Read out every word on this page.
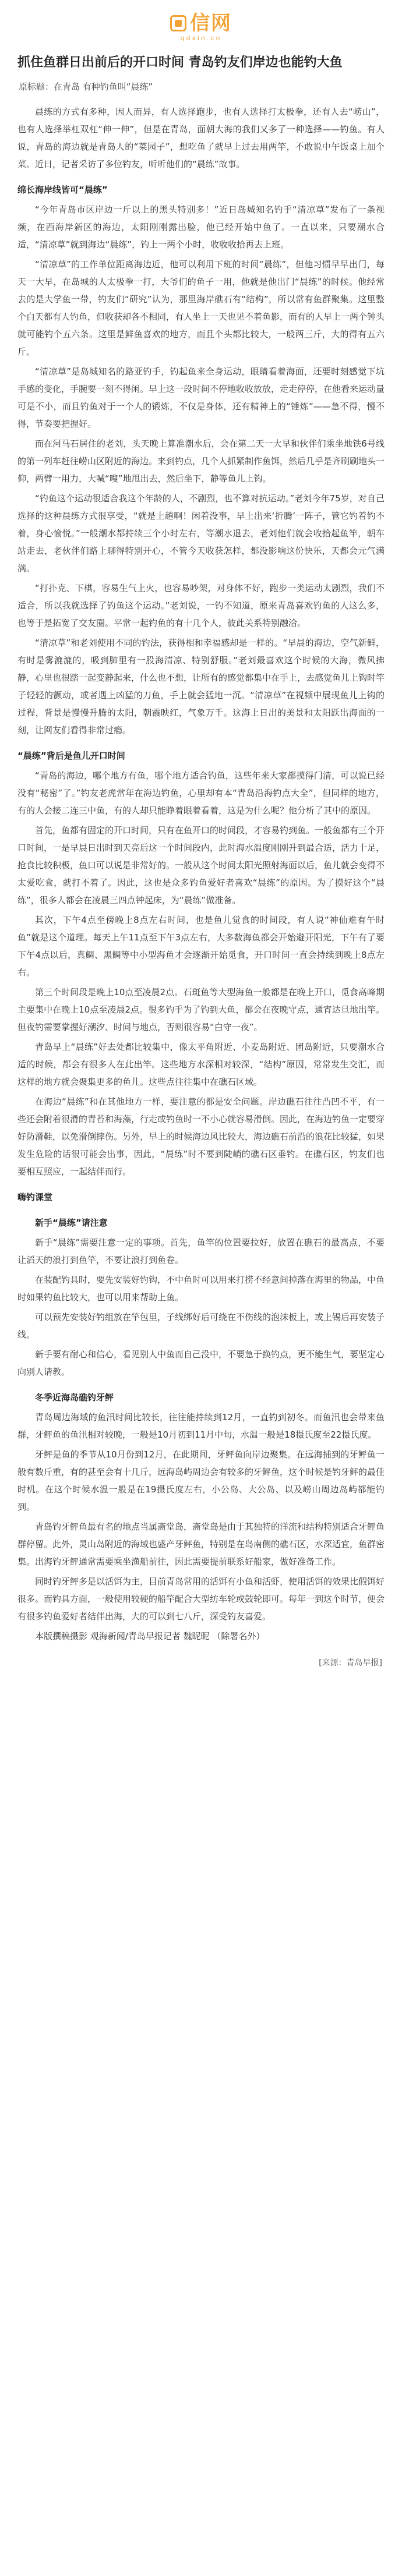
信网
qdxin.cn
抓住鱼群日出前后的开口时间 青岛钓友们岸边也能钓大鱼
原标题：在青岛 有种钓鱼叫“晨练”

晨练的方式有多种，因人而异，有人选择跑步，也有人选择打太极拳，还有人去“崂山”，也有人选择举杠双杠“伸一伸”，但是在青岛，面朝大海的我们又多了一种选择——钓鱼。有人说，青岛的海边就是青岛人的“菜园子”，想吃鱼了就早上过去用两竿，不敢说中午饭桌上加个菜。近日，记者采访了多位钓友，听听他们的“晨练”故事。

绵长海岸线皆可“晨练”

“今年青岛市区岸边一斤以上的黑头特别多！”近日岛城知名钓手“清凉草”发布了一条视频，在西海岸新区的海边，太阳刚刚露出脸，他已经开始中鱼了。一直以来，只要潮水合适，“清凉草”就到海边“晨练”，钓上一两个小时，收收收拾再去上班。

“清凉草”的工作单位距离海边近，他可以利用下班的时间“晨练”，但他习惯早早出门，每天一大早，在岛城的人太极拳一打，大爷们的鱼子一用，他就是他出门“晨练”的时候。他经常去的是大学鱼一带，钓友们“研究”认为，那里海岸礁石有“结构”，所以常有鱼群聚集。这里整个白天都有人钓鱼，但收获却各不相同，有人坐上一天也见不着鱼影，而有的人早上一两个钟头就可能钓个五六条。这里是鲜鱼喜欢的地方，而且个头都比较大，一般两三斤，大的得有五六斤。

“清凉草”是岛城知名的路亚钓手，钓起鱼来全身运动，眼睛看着海面，还要时刻感觉下坑手感的变化，手腕要一刻不得闲。早上这一段时间不停地收收放放，走走停停，在他看来运动量可是不小，而且钓鱼对于一个人的锻炼，不仅是身体，还有精神上的“锤炼”——急不得，慢不得，节奏要把握好。

而在河马石居住的老刘，头天晚上算准潮水后，会在第二天一大早和伙伴们乘坐地铁6号线的第一列车赶往崂山区附近的海边。来到钓点，几个人抓紧制作鱼饵，然后几乎是齐刷刷地头一仰，两臂一用力，大喊“嗖”地甩出去，然后坐下，静等鱼儿上钩。

“钓鱼这个运动很适合我这个年龄的人，不剧烈，也不算对抗运动。”老刘今年75岁，对自己选择的这种晨练方式很享受，“就是上趟啊！闲着没事，早上出来‘折腾’一阵子，管它钓着钓不着，身心愉悦。”一般潮水都持续三个小时左右，等潮水退去，老刘他们就会收拾起鱼竿，朝车站走去，老伙伴们路上聊得特别开心，不管今天收获怎样，都没影响这份快乐，天都会元气满满。

“打扑克、下棋，容易生气上火，也容易吵架，对身体不好，跑步一类运动太剧烈，我们不适合，所以我就选择了钓鱼这个运动。”老刘说，一钓不知道，原来青岛喜欢钓鱼的人这么多，也等于是拓宽了交友圈。平常一起钓鱼的有十几个人，彼此关系特别融洽。

“清凉草”和老刘使用不同的钓法，获得相和幸福感却是一样的。“早晨的海边，空气新鲜，有时是雾漉漉的，吸到肺里有一股海清凉、特别舒服。”老刘最喜欢这个时候的大海，微风拂静，心里也很踏一起变静起来，什么也不想，让所有的感觉都集中在手上，去感觉鱼儿上钩时竿子轻轻的颤动，或者遇上凶猛的刀鱼，手上就会猛地一沉。“清凉草”在视频中展现鱼儿上钩的过程，背景是慢慢升腾的太阳，朝霞映红，气象万千。这海上日出的美景和太阳跃出海面的一刻，让网友们看得非常过瘾。

“晨练”背后是鱼儿开口时间

“青岛的海边，哪个地方有鱼，哪个地方适合钓鱼，这些年来大家都摸得门清，可以说已经没有“秘密”了。”钓友老虎常年在海边钓鱼，心里却有本“青岛沿海钓点大全”，但同样的地方，有的人会接二连三中鱼，有的人却只能睁着眼着看着，这是为什么呢？他分析了其中的原因。

首先，鱼都有固定的开口时间，只有在鱼开口的时间段，才容易钓到鱼。一般鱼都有三个开口时间，一是早晨日出时到天亮后这一个时间段内，此时海水温度刚刚升到最合适，活力十足，抢食比较积极，鱼口可以说是非常好的。一般从这个时间太阳光照射海面以后，鱼儿就会变得不太爱吃食，就打不着了。因此，这也是众多钓鱼爱好者喜欢“晨练”的原因。为了摸好这个“晨练”，很多人都会在凌晨三四点钟起床，为“晨练”做准备。

其次，下午4点至傍晚上8点左右时间，也是鱼儿觉食的时间段，有人说“神仙难有午时鱼”就是这个道理。每天上午11点至下午3点左右，大多数海鱼都会开始避开阳光，下午有了要下午4点以后，真鲷、黑鲷等中小型海鱼才会逐渐开始觅食，开口时间一直会持续到晚上8点左右。

第三个时间段是晚上10点至凌晨2点。石斑鱼等大型海鱼一般都是在晚上开口，觅食高峰期主要集中在晚上10点至凌晨2点。很多钓手为了钓到大鱼，都会在夜晚守点，通宵达旦地出竿。但夜钓需要掌握好潮汐、时间与地点，否则很容易“白守一夜”。

青岛早上“晨练”好去处都比较集中，像太平角附近、小麦岛附近、团岛附近，只要潮水合适的时候，都会有很多人在此出竿。这些地方水深相对较深，“结构”原因，常常发生交汇，而这样的地方就会聚集更多的鱼儿。这些点往往集中在礁石区域。

在海边“晨练”和在其他地方一样，要注意的都是安全问题。岸边礁石往往凸凹不平，有一些还会附着很滑的青苔和海藻，行走或钓鱼时一不小心就容易滑倒。因此，在海边钓鱼一定要穿好防滑鞋，以免滑倒摔伤。另外，早上的时候海边风比较大，海边礁石前沿的浪花比较猛，如果发生危险的话很可能会出事，因此，“晨练”时不要到陡峭的礁石区垂钓。在礁石区，钓友们也要相互照应，一起结伴而行。

嗨钓课堂
新手“晨练”请注意

新手“晨练”需要注意一定的事项。首先，鱼竿的位置要拉好，放置在礁石的最高点，不要让滔天的浪打到鱼竿，不要让浪打到鱼卷。

在装配钓具时，要先安装好钓钩，不中鱼时可以用来打捞不经意间掉落在海里的物品，中鱼时如果钓鱼比较大，也可以用来帮助上鱼。

可以预先安装好钓组放在竿包里，子线绑好后可绕在不伤线的泡沫板上，或上锡后再安装子线。

新手要有耐心和信心，看见别人中鱼而自己没中，不要急于换钓点，更不能生气，要坚定心向别人请教。

冬季近海岛礁钓牙鲆

青岛周边海域的鱼汛时间比较长，往往能持续到12月，一直钓到初冬。而鱼汛也会带来鱼群，牙鲆鱼的鱼汛相对较晚，一般是10月初到11月中旬，水温一般是18摄氏度至22摄氏度。

牙鲆是鱼的季节从10月份到12月，在此期间，牙鲆鱼向岸边聚集。在远海捕到的牙鲆鱼一般有数斤重，有的甚至会有十几斤，远海岛屿周边会有较多的牙鲆鱼，这个时候是钓牙鲆的最佳时机。在这个时候水温一般是在19摄氏度左右，小公岛、大公岛、以及崂山周边岛屿都能钓到。

青岛钓牙鲆鱼最有名的地点当属斋堂岛，斋堂岛是由于其独特的洋流和结构特别适合牙鲆鱼群停留。此外，灵山岛附近的海域也盛产牙鲆鱼，特别是在岛南侧的礁石区，水深适宜，鱼群密集。出海钓牙鲆通常需要乘坐渔船前往，因此需要提前联系好船家，做好准备工作。

同时钓牙鲆多是以活饵为主，目前青岛常用的活饵有小鱼和活虾，使用活饵的效果比假饵好很多。而钓具方面，一般使用较硬的船竿配合大型纺车轮或鼓轮即可。每年一到这个时节，便会有很多钓鱼爱好者结伴出海，大的可以到七八斤，深受钓友喜爱。

本版撰稿摄影 观海新闻/青岛早报记者 魏昵昵 （除署名外）

[来源：青岛早报]
